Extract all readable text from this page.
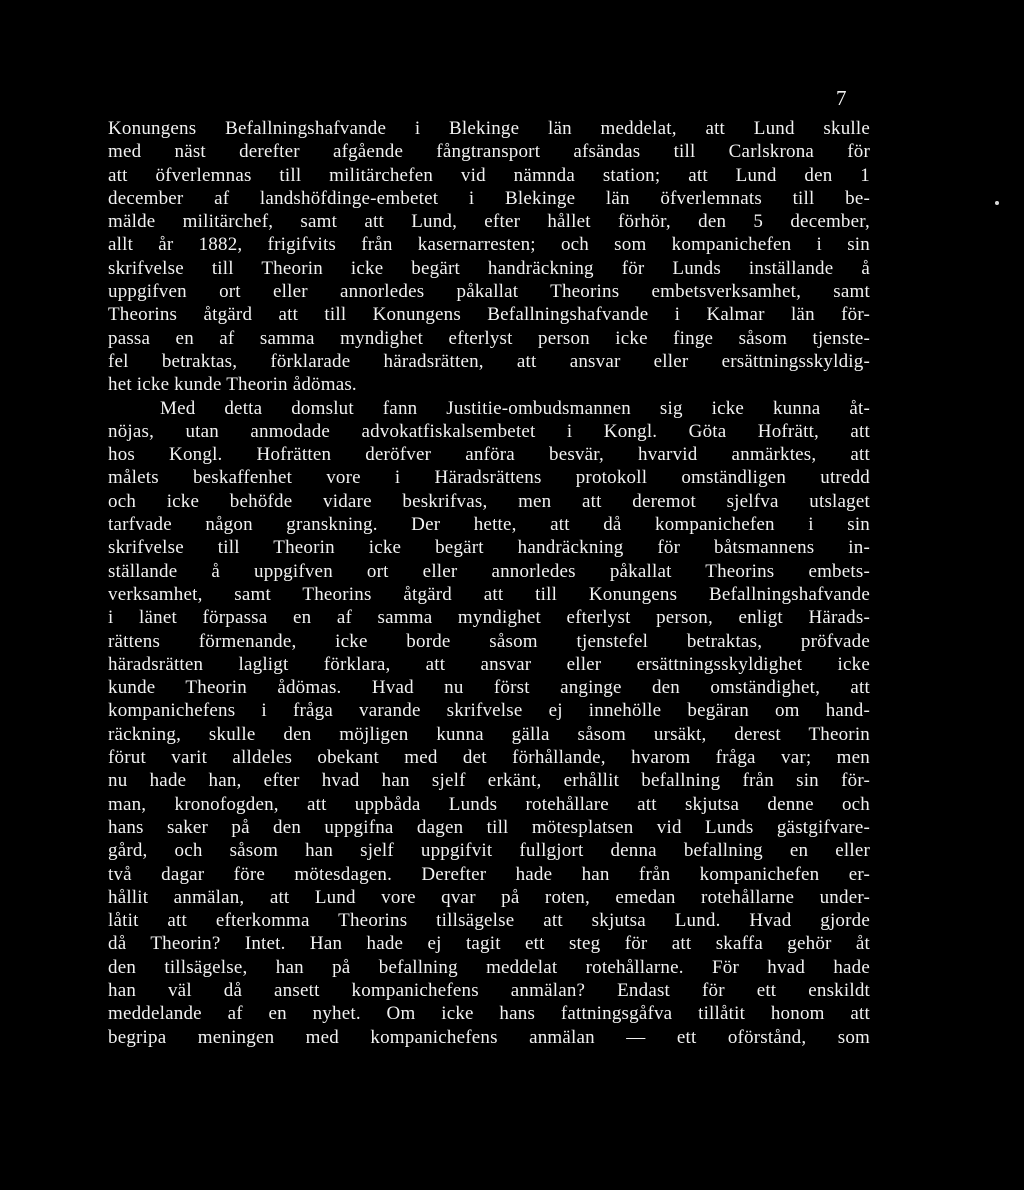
7
Konungens Befallningshafvande i Blekinge län meddelat, att Lund skulle
med näst derefter afgående fångtransport afsändas till Carlskrona för
att öfverlemnas till militärchefen vid nämnda station; att Lund den 1
december af landshöfdinge-embetet i Blekinge län öfverlemnats till be-
mälde militärchef, samt att Lund, efter hållet förhör, den 5 december,
allt år 1882, frigifvits från kasernarresten; och som kompanichefen i sin
skrifvelse till Theorin icke begärt handräckning för Lunds inställande å
uppgifven ort eller annorledes påkallat Theorins embetsverksamhet, samt
Theorins åtgärd att till Konungens Befallningshafvande i Kalmar län för-
passa en af samma myndighet efterlyst person icke finge såsom tjenste-
fel betraktas, förklarade häradsrätten, att ansvar eller ersättningsskyldig-
het icke kunde Theorin ådömas.
Med detta domslut fann Justitie-ombudsmannen sig icke kunna åt-
nöjas, utan anmodade advokatfiskalsembetet i Kongl. Göta Hofrätt, att
hos Kongl. Hofrätten deröfver anföra besvär, hvarvid anmärktes, att
målets beskaffenhet vore i Häradsrättens protokoll omständligen utredd
och icke behöfde vidare beskrifvas, men att deremot sjelfva utslaget
tarfvade någon granskning. Der hette, att då kompanichefen i sin
skrifvelse till Theorin icke begärt handräckning för båtsmannens in-
ställande å uppgifven ort eller annorledes påkallat Theorins embets-
verksamhet, samt Theorins åtgärd att till Konungens Befallningshafvande
i länet förpassa en af samma myndighet efterlyst person, enligt Härads-
rättens förmenande, icke borde såsom tjenstefel betraktas, pröfvade
häradsrätten lagligt förklara, att ansvar eller ersättningsskyldighet icke
kunde Theorin ådömas. Hvad nu först anginge den omständighet, att
kompanichefens i fråga varande skrifvelse ej innehölle begäran om hand-
räckning, skulle den möjligen kunna gälla såsom ursäkt, derest Theorin
förut varit alldeles obekant med det förhållande, hvarom fråga var; men
nu hade han, efter hvad han sjelf erkänt, erhållit befallning från sin för-
man, kronofogden, att uppbåda Lunds rotehållare att skjutsa denne och
hans saker på den uppgifna dagen till mötesplatsen vid Lunds gästgifvare-
gård, och såsom han sjelf uppgifvit fullgjort denna befallning en eller
två dagar före mötesdagen. Derefter hade han från kompanichefen er-
hållit anmälan, att Lund vore qvar på roten, emedan rotehållarne under-
låtit att efterkomma Theorins tillsägelse att skjutsa Lund. Hvad gjorde
då Theorin? Intet. Han hade ej tagit ett steg för att skaffa gehör åt
den tillsägelse, han på befallning meddelat rotehållarne. För hvad hade
han väl då ansett kompanichefens anmälan? Endast för ett enskildt
meddelande af en nyhet. Om icke hans fattningsgåfva tillåtit honom att
begripa meningen med kompanichefens anmälan — ett oförstånd, som
